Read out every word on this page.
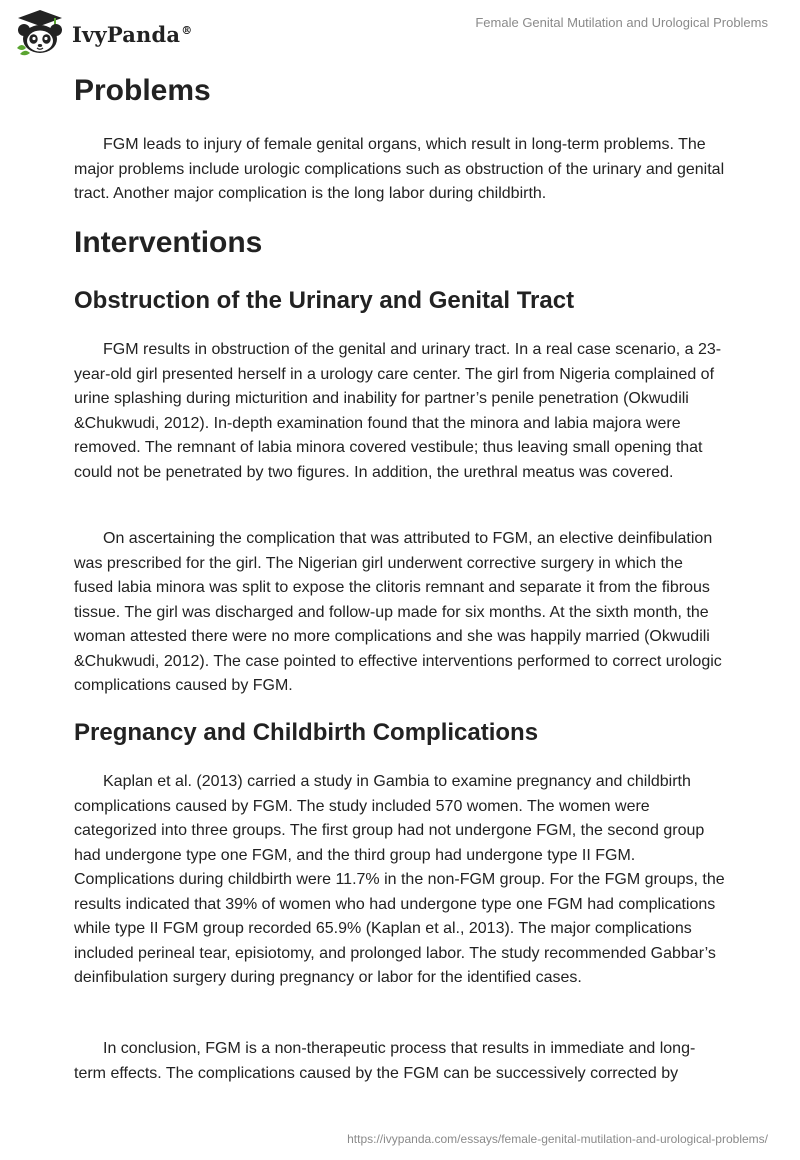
IvyPanda®	Female Genital Mutilation and Urological Problems
Problems

FGM leads to injury of female genital organs, which result in long-term problems. The major problems include urologic complications such as obstruction of the urinary and genital tract. Another major complication is the long labor during childbirth.

Interventions
Obstruction of the Urinary and Genital Tract

FGM results in obstruction of the genital and urinary tract. In a real case scenario, a 23-year-old girl presented herself in a urology care center. The girl from Nigeria complained of urine splashing during micturition and inability for partner’s penile penetration (Okwudili &Chukwudi, 2012). In-depth examination found that the minora and labia majora were removed. The remnant of labia minora covered vestibule; thus leaving small opening that could not be penetrated by two figures. In addition, the urethral meatus was covered.

On ascertaining the complication that was attributed to FGM, an elective deinfibulation was prescribed for the girl. The Nigerian girl underwent corrective surgery in which the fused labia minora was split to expose the clitoris remnant and separate it from the fibrous tissue. The girl was discharged and follow-up made for six months. At the sixth month, the woman attested there were no more complications and she was happily married (Okwudili &Chukwudi, 2012). The case pointed to effective interventions performed to correct urologic complications caused by FGM.

Pregnancy and Childbirth Complications

Kaplan et al. (2013) carried a study in Gambia to examine pregnancy and childbirth complications caused by FGM. The study included 570 women. The women were categorized into three groups. The first group had not undergone FGM, the second group had undergone type one FGM, and the third group had undergone type II FGM. Complications during childbirth were 11.7% in the non-FGM group. For the FGM groups, the results indicated that 39% of women who had undergone type one FGM had complications while type II FGM group recorded 65.9% (Kaplan et al., 2013). The major complications included perineal tear, episiotomy, and prolonged labor. The study recommended Gabbar’s deinfibulation surgery during pregnancy or labor for the identified cases.

In conclusion, FGM is a non-therapeutic process that results in immediate and long-term effects. The complications caused by the FGM can be successively corrected by

https://ivypanda.com/essays/female-genital-mutilation-and-urological-problems/
